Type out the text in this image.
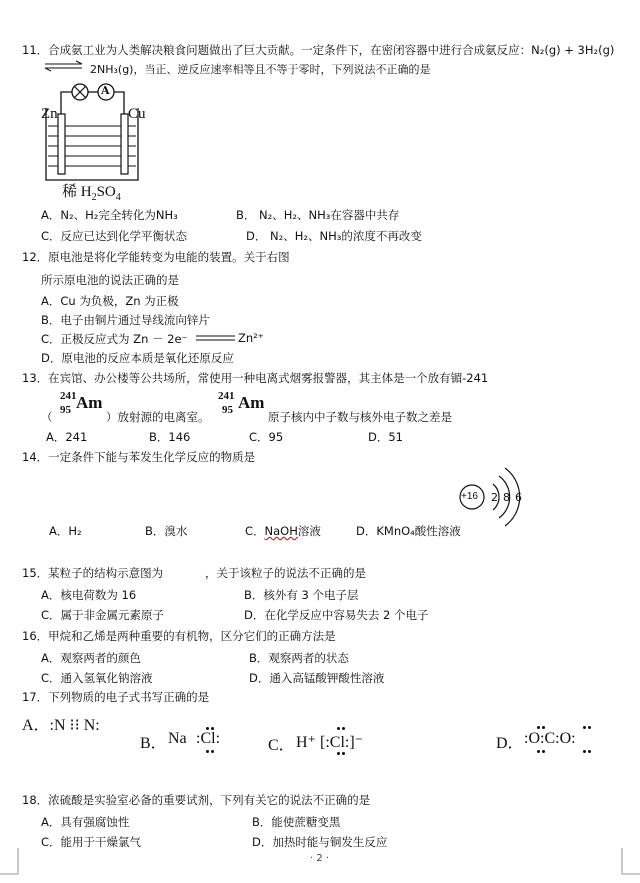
11．合成氨工业为人类解决粮食问题做出了巨大贡献。一定条件下，在密闭容器中进行合成氨反应：N₂(g) + 3H₂(g)
⇌ 2NH₃(g)，当正、逆反应速率相等且不等于零时，下列说法不正确的是
A
Zn	Cu
稀 $H_2SO_4$
A．N₂、H₂完全转化为NH₃	B． N₂、H₂、NH₃在容器中共存
C．反应已达到化学平衡状态	D． N₂、H₂、NH₃的浓度不再改变
12．原电池是将化学能转变为电能的装置。关于右图
所示原电池的说法正确的是
A．Cu 为负极，Zn 为正极
B．电子由铜片通过导线流向锌片
C．正极反应式为 Zn － 2e⁻	Zn²⁺
D．原电池的反应本质是氧化还原反应
13．在宾馆、办公楼等公共场所，常使用一种电离式烟雾报警器，其主体是一个放有镅-241
（
241
95 Am
）放射源的电离室。
241
95 Am
原子核内中子数与核外电子数之差是
A．241	B．146	C．95	D．51
14．一定条件下能与苯发生化学反应的物质是
+16 2 8 6
A．H₂	B．溴水	C．NaOH溶液	D．KMnO₄酸性溶液
15．某粒子的结构示意图为	，关于该粒子的说法不正确的是
A．核电荷数为 16	B．核外有 3 个电子层
C．属于非金属元素原子	D．在化学反应中容易失去 2 个电子
16．甲烷和乙烯是两种重要的有机物，区分它们的正确方法是
A．观察两者的颜色	B．观察两者的状态
C．通入氢氧化钠溶液	D．通入高锰酸钾酸性溶液
17．下列物质的电子式书写正确的是
A．:N ⁝⁝ N:
B． Na :Cl:	C． H⁺ [:Cl:]⁻	D． :O:C:O:
18．浓硫酸是实验室必备的重要试剂，下列有关它的说法不正确的是
A．具有强腐蚀性	B．能使蔗糖变黑
C．能用于干燥氯气	D．加热时能与铜发生反应
· 2 ·
